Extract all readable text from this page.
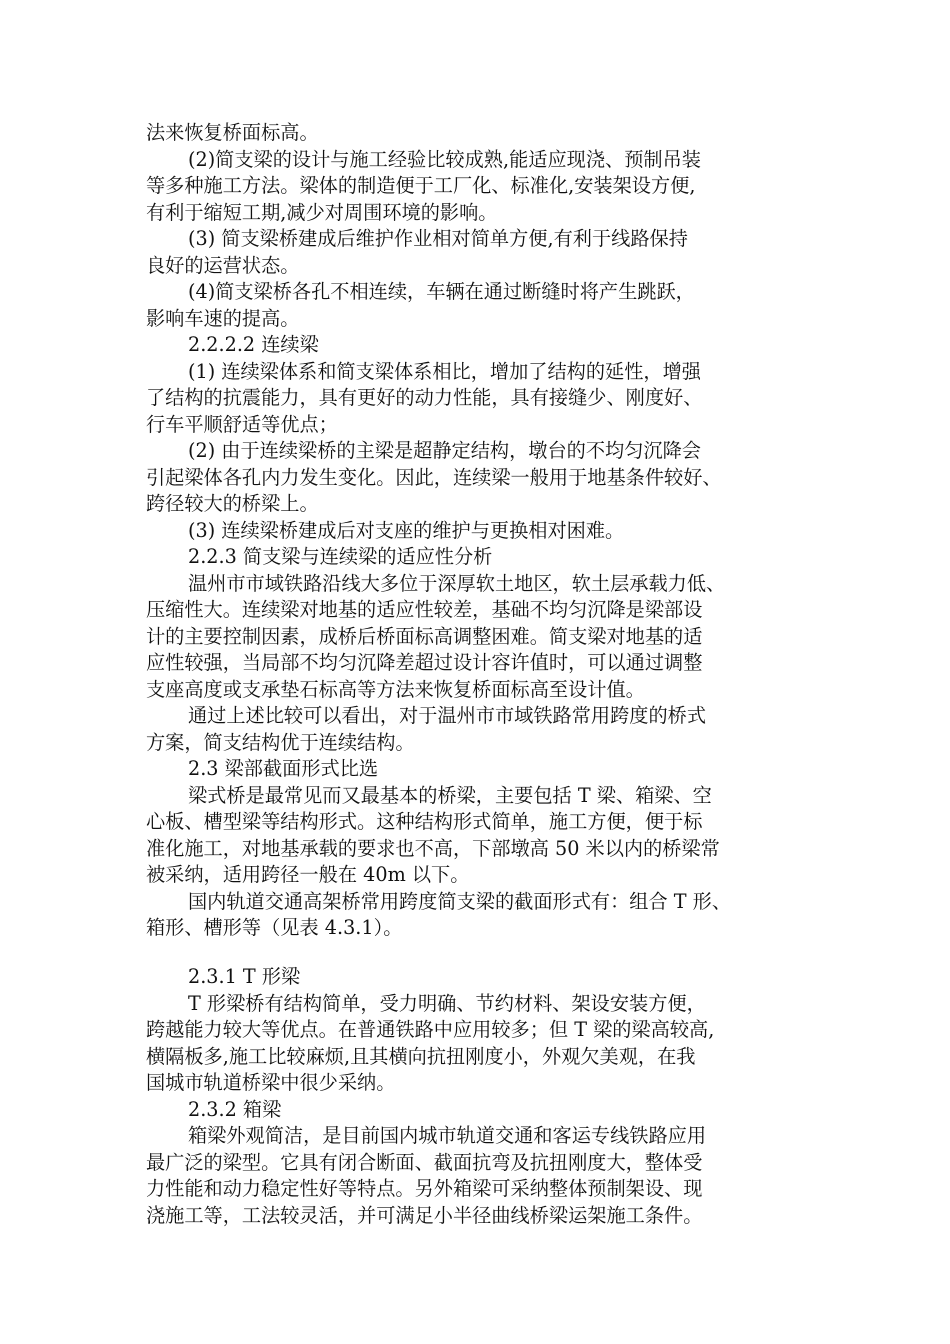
法来恢复桥面标高。
(2)简支梁的设计与施工经验比较成熟,能适应现浇、预制吊装
等多种施工方法。梁体的制造便于工厂化、标准化,安装架设方便,
有利于缩短工期,减少对周围环境的影响。
(3) 简支梁桥建成后维护作业相对简单方便,有利于线路保持
良好的运营状态。
(4)简支梁桥各孔不相连续，车辆在通过断缝时将产生跳跃，
影响车速的提高。
2.2.2.2 连续梁
(1) 连续梁体系和简支梁体系相比，增加了结构的延性，增强
了结构的抗震能力，具有更好的动力性能，具有接缝少、刚度好、
行车平顺舒适等优点；
(2) 由于连续梁桥的主梁是超静定结构，墩台的不均匀沉降会
引起梁体各孔内力发生变化。因此，连续梁一般用于地基条件较好、
跨径较大的桥梁上。
(3) 连续梁桥建成后对支座的维护与更换相对困难。
2.2.3 简支梁与连续梁的适应性分析
温州市市域铁路沿线大多位于深厚软土地区，软土层承载力低、
压缩性大。连续梁对地基的适应性较差，基础不均匀沉降是梁部设
计的主要控制因素，成桥后桥面标高调整困难。简支梁对地基的适
应性较强，当局部不均匀沉降差超过设计容许值时，可以通过调整
支座高度或支承垫石标高等方法来恢复桥面标高至设计值。
通过上述比较可以看出，对于温州市市域铁路常用跨度的桥式
方案，简支结构优于连续结构。
2.3 梁部截面形式比选
梁式桥是最常见而又最基本的桥梁，主要包括 T 梁、箱梁、空
心板、槽型梁等结构形式。这种结构形式简单，施工方便，便于标
准化施工，对地基承载的要求也不高，下部墩高 50 米以内的桥梁常
被采纳，适用跨径一般在 40m 以下。
国内轨道交通高架桥常用跨度简支梁的截面形式有：组合 T 形、
箱形、槽形等（见表 4.3.1）。
2.3.1 T 形梁
T 形梁桥有结构简单，受力明确、节约材料、架设安装方便，
跨越能力较大等优点。在普通铁路中应用较多；但 T 梁的梁高较高,
横隔板多,施工比较麻烦,且其横向抗扭刚度小，外观欠美观，在我
国城市轨道桥梁中很少采纳。
2.3.2 箱梁
箱梁外观简洁，是目前国内城市轨道交通和客运专线铁路应用
最广泛的梁型。它具有闭合断面、截面抗弯及抗扭刚度大，整体受
力性能和动力稳定性好等特点。另外箱梁可采纳整体预制架设、现
浇施工等，工法较灵活，并可满足小半径曲线桥梁运架施工条件。
